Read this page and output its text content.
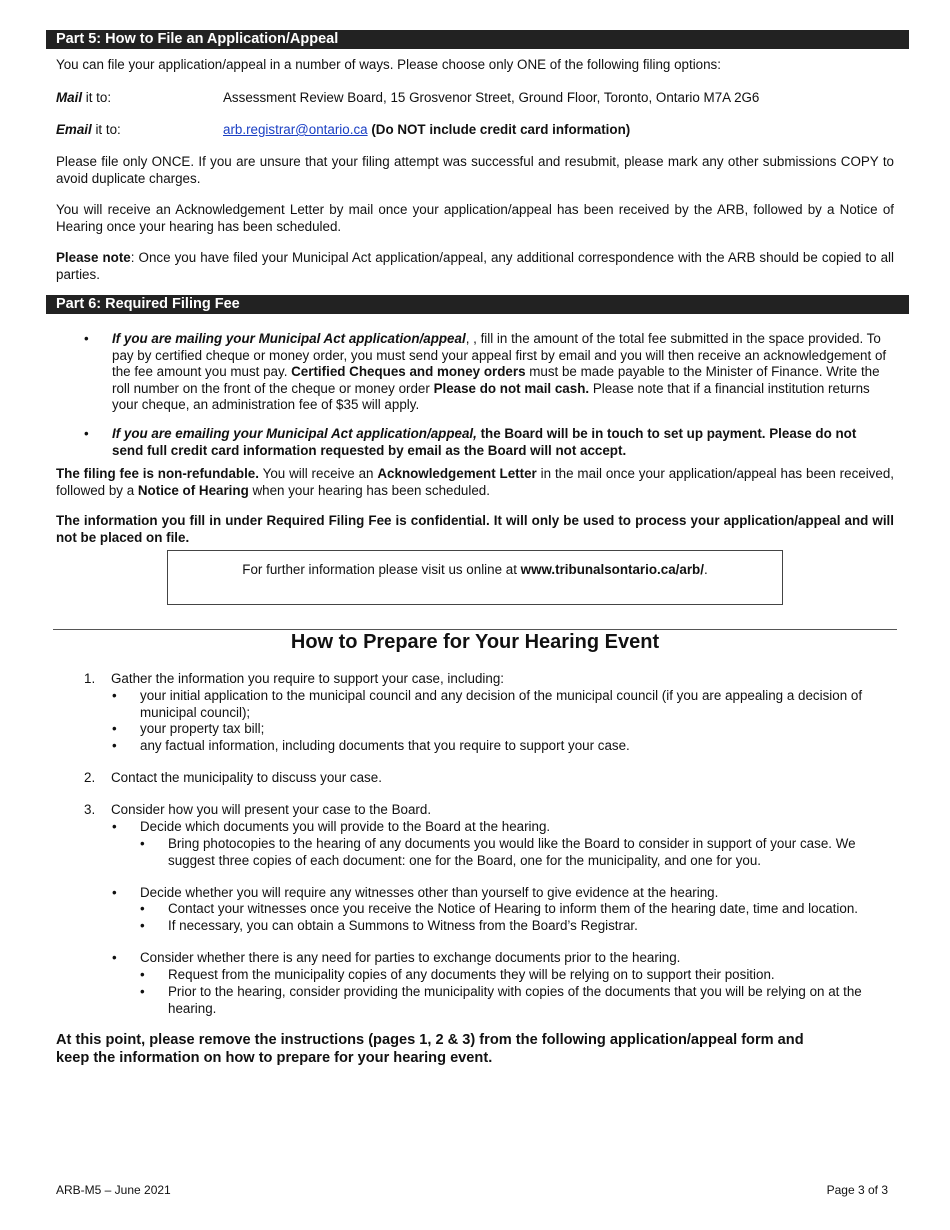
Part 5: How to File an Application/Appeal

You can file your application/appeal in a number of ways. Please choose only ONE of the following filing options:

Mail it to:	Assessment Review Board, 15 Grosvenor Street, Ground Floor, Toronto, Ontario M7A 2G6
Email it to:	arb.registrar@ontario.ca (Do NOT include credit card information)

Please file only ONCE. If you are unsure that your filing attempt was successful and resubmit, please mark any other submissions COPY to avoid duplicate charges.

You will receive an Acknowledgement Letter by mail once your application/appeal has been received by the ARB, followed by a Notice of Hearing once your hearing has been scheduled.

Please note: Once you have filed your Municipal Act application/appeal, any additional correspondence with the ARB should be copied to all parties.

Part 6: Required Filing Fee
• If you are mailing your Municipal Act application/appeal, , fill in the amount of the total fee submitted in the space provided. To pay by certified cheque or money order, you must send your appeal first by email and you will then receive an acknowledgement of the fee amount you must pay. Certified Cheques and money orders must be made payable to the Minister of Finance. Write the roll number on the front of the cheque or money order Please do not mail cash. Please note that if a financial institution returns your cheque, an administration fee of $35 will apply.
• If you are emailing your Municipal Act application/appeal, the Board will be in touch to set up payment. Please do not send full credit card information requested by email as the Board will not accept.

The filing fee is non-refundable. You will receive an Acknowledgement Letter in the mail once your application/appeal has been received, followed by a Notice of Hearing when your hearing has been scheduled.

The information you fill in under Required Filing Fee is confidential. It will only be used to process your application/appeal and will not be placed on file.

For further information please visit us online at www.tribunalsontario.ca/arb/.
How to Prepare for Your Hearing Event
1. Gather the information you require to support your case, including:
•	your initial application to the municipal council and any decision of the municipal council (if you are appealing a decision of municipal council);
•	your property tax bill;
•	any factual information, including documents that you require to support your case.
2. Contact the municipality to discuss your case.
3. Consider how you will present your case to the Board.
•	Decide which documents you will provide to the Board at the hearing.
•	Bring photocopies to the hearing of any documents you would like the Board to consider in support of your case. We suggest three copies of each document: one for the Board, one for the municipality, and one for you.
•	Decide whether you will require any witnesses other than yourself to give evidence at the hearing.
•	Contact your witnesses once you receive the Notice of Hearing to inform them of the hearing date, time and location.
•	If necessary, you can obtain a Summons to Witness from the Board’s Registrar.
•	Consider whether there is any need for parties to exchange documents prior to the hearing.
•	Request from the municipality copies of any documents they will be relying on to support their position.
•	Prior to the hearing, consider providing the municipality with copies of the documents that you will be relying on at the hearing.

At this point, please remove the instructions (pages 1, 2 & 3) from the following application/appeal form and keep the information on how to prepare for your hearing event.

ARB-M5 – June 2021	Page 3 of 3
